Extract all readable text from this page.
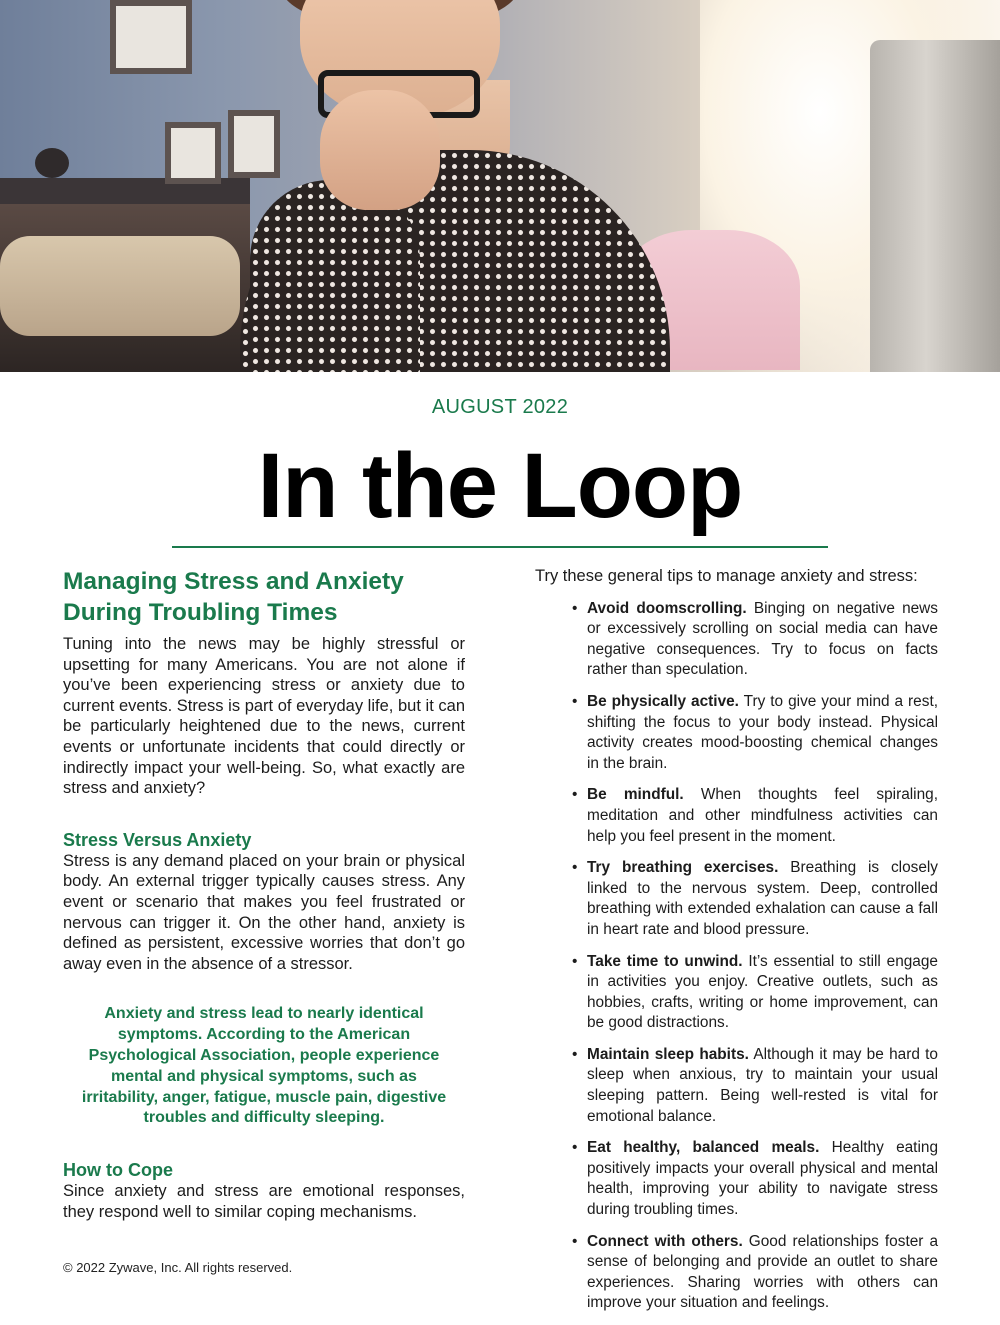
AUGUST 2022
In the Loop
Managing Stress and Anxiety
During Troubling Times

Tuning into the news may be highly stressful or upsetting for many Americans. You are not alone if you’ve been experiencing stress or anxiety due to current events. Stress is part of everyday life, but it can be particularly heightened due to the news, current events or unfortunate incidents that could directly or indirectly impact your well-being. So, what exactly are stress and anxiety?

Stress Versus Anxiety

Stress is any demand placed on your brain or physical body. An external trigger typically causes stress. Any event or scenario that makes you feel frustrated or nervous can trigger it. On the other hand, anxiety is defined as persistent, excessive worries that don’t go away even in the absence of a stressor.

Anxiety and stress lead to nearly identical symptoms. According to the American Psychological Association, people experience mental and physical symptoms, such as irritability, anger, fatigue, muscle pain, digestive troubles and difficulty sleeping.
How to Cope

Since anxiety and stress are emotional responses, they respond well to similar coping mechanisms.

Try these general tips to manage anxiety and stress:

• Avoid doomscrolling. Binging on negative news or excessively scrolling on social media can have negative consequences. Try to focus on facts rather than speculation.
• Be physically active. Try to give your mind a rest, shifting the focus to your body instead. Physical activity creates mood-boosting chemical changes in the brain.
• Be mindful. When thoughts feel spiraling, meditation and other mindfulness activities can help you feel present in the moment.
• Try breathing exercises. Breathing is closely linked to the nervous system. Deep, controlled breathing with extended exhalation can cause a fall in heart rate and blood pressure.
• Take time to unwind. It’s essential to still engage in activities you enjoy. Creative outlets, such as hobbies, crafts, writing or home improvement, can be good distractions.
• Maintain sleep habits. Although it may be hard to sleep when anxious, try to maintain your usual sleeping pattern. Being well-rested is vital for emotional balance.
• Eat healthy, balanced meals. Healthy eating positively impacts your overall physical and mental health, improving your ability to navigate stress during troubling times.
• Connect with others. Good relationships foster a sense of belonging and provide an outlet to share experiences. Sharing worries with others can improve your situation and feelings.
© 2022 Zywave, Inc. All rights reserved.
